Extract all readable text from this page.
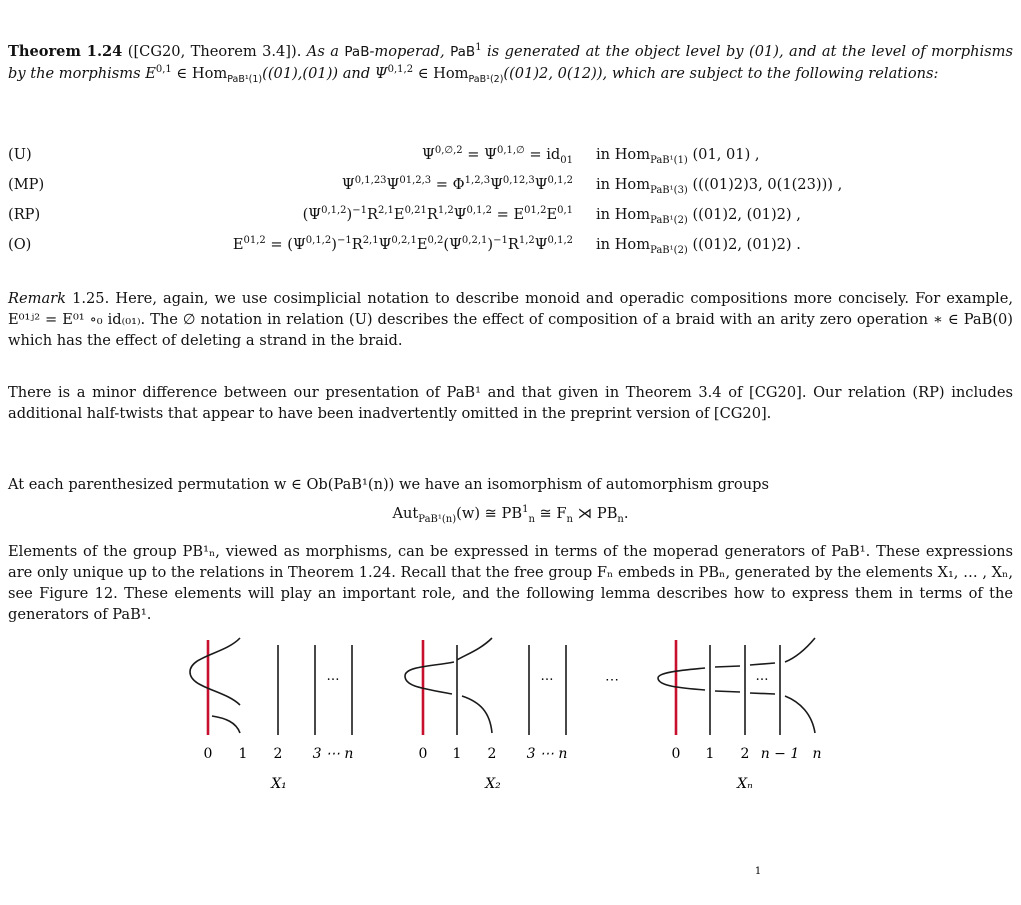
Theorem 1.24 ([CG20, Theorem 3.4]). As a PaB-moperad, PaB$^1$ is generated at the object level by (01), and at the level of morphisms by the morphisms E$^{0,1}$ ∈ Hom$_{PaB^1(1)}$((01),(01)) and Ψ$^{0,1,2}$ ∈ Hom$_{PaB^1(2)}$((01)2, 0(12)), which are subject to the following relations:
(U)	$\Psi^{0,\emptyset,2} = \Psi^{0,1,\emptyset} = id_{01}$ in Hom$_{PaB^1(1)}$ (01, 01) ,
(MP)	$\Psi^{0,1,23}\Psi^{01,2,3} = \Phi^{1,2,3}\Psi^{0,12,3}\Psi^{0,1,2}$ in Hom$_{PaB^1(3)}$ (((01)2)3, 0(1(23))) ,
(RP)	$(\Psi^{0,1,2})^{-1}R^{2,1}E^{0,21}R^{1,2}\Psi^{0,1,2} = E^{01,2}E^{0,1}$ in Hom$_{PaB^1(2)}$ ((01)2, (01)2) ,
(O)	$E^{01,2} = (\Psi^{0,1,2})^{-1}R^{2,1}\Psi^{0,2,1}E^{0,2}(\Psi^{0,2,1})^{-1}R^{1,2}\Psi^{0,1,2}$ in Hom$_{PaB^1(2)}$ ((01)2, (01)2) .
Remark 1.25. Here, again, we use cosimplicial notation to describe monoid and operadic compositions more concisely. For example, E⁰¹ʲ² = E⁰¹ ∘₀ id₍₀₁₎. The ∅ notation in relation (U) describes the effect of composition of a braid with an arity zero operation ∗ ∈ PaB(0) which has the effect of deleting a strand in the braid.
There is a minor difference between our presentation of PaB¹ and that given in Theorem 3.4 of [CG20]. Our relation (RP) includes additional half-twists that appear to have been inadvertently omitted in the preprint version of [CG20].
At each parenthesized permutation w ∈ Ob(PaB¹(n)) we have an isomorphism of automorphism groups
Aut$_{PaB^1(n)}$(w) ≅ $PB^1_n$ ≅ $F_n$ ⋊ $PB_n$.
Elements of the group PB¹ₙ, viewed as morphisms, can be expressed in terms of the moperad generators of PaB¹. These expressions are only unique up to the relations in Theorem 1.24. Recall that the free group Fₙ embeds in PBₙ, generated by the elements X₁, … , Xₙ, see Figure 12. These elements will play an important role, and the following lemma describes how to express them in terms of the generators of PaB¹.
…	…	…
⋯
0 1 2 3 ⋯ n
X₁
0 1 2 3 ⋯ n
X₂
0 1 2 n − 1 n
Xₙ
1
